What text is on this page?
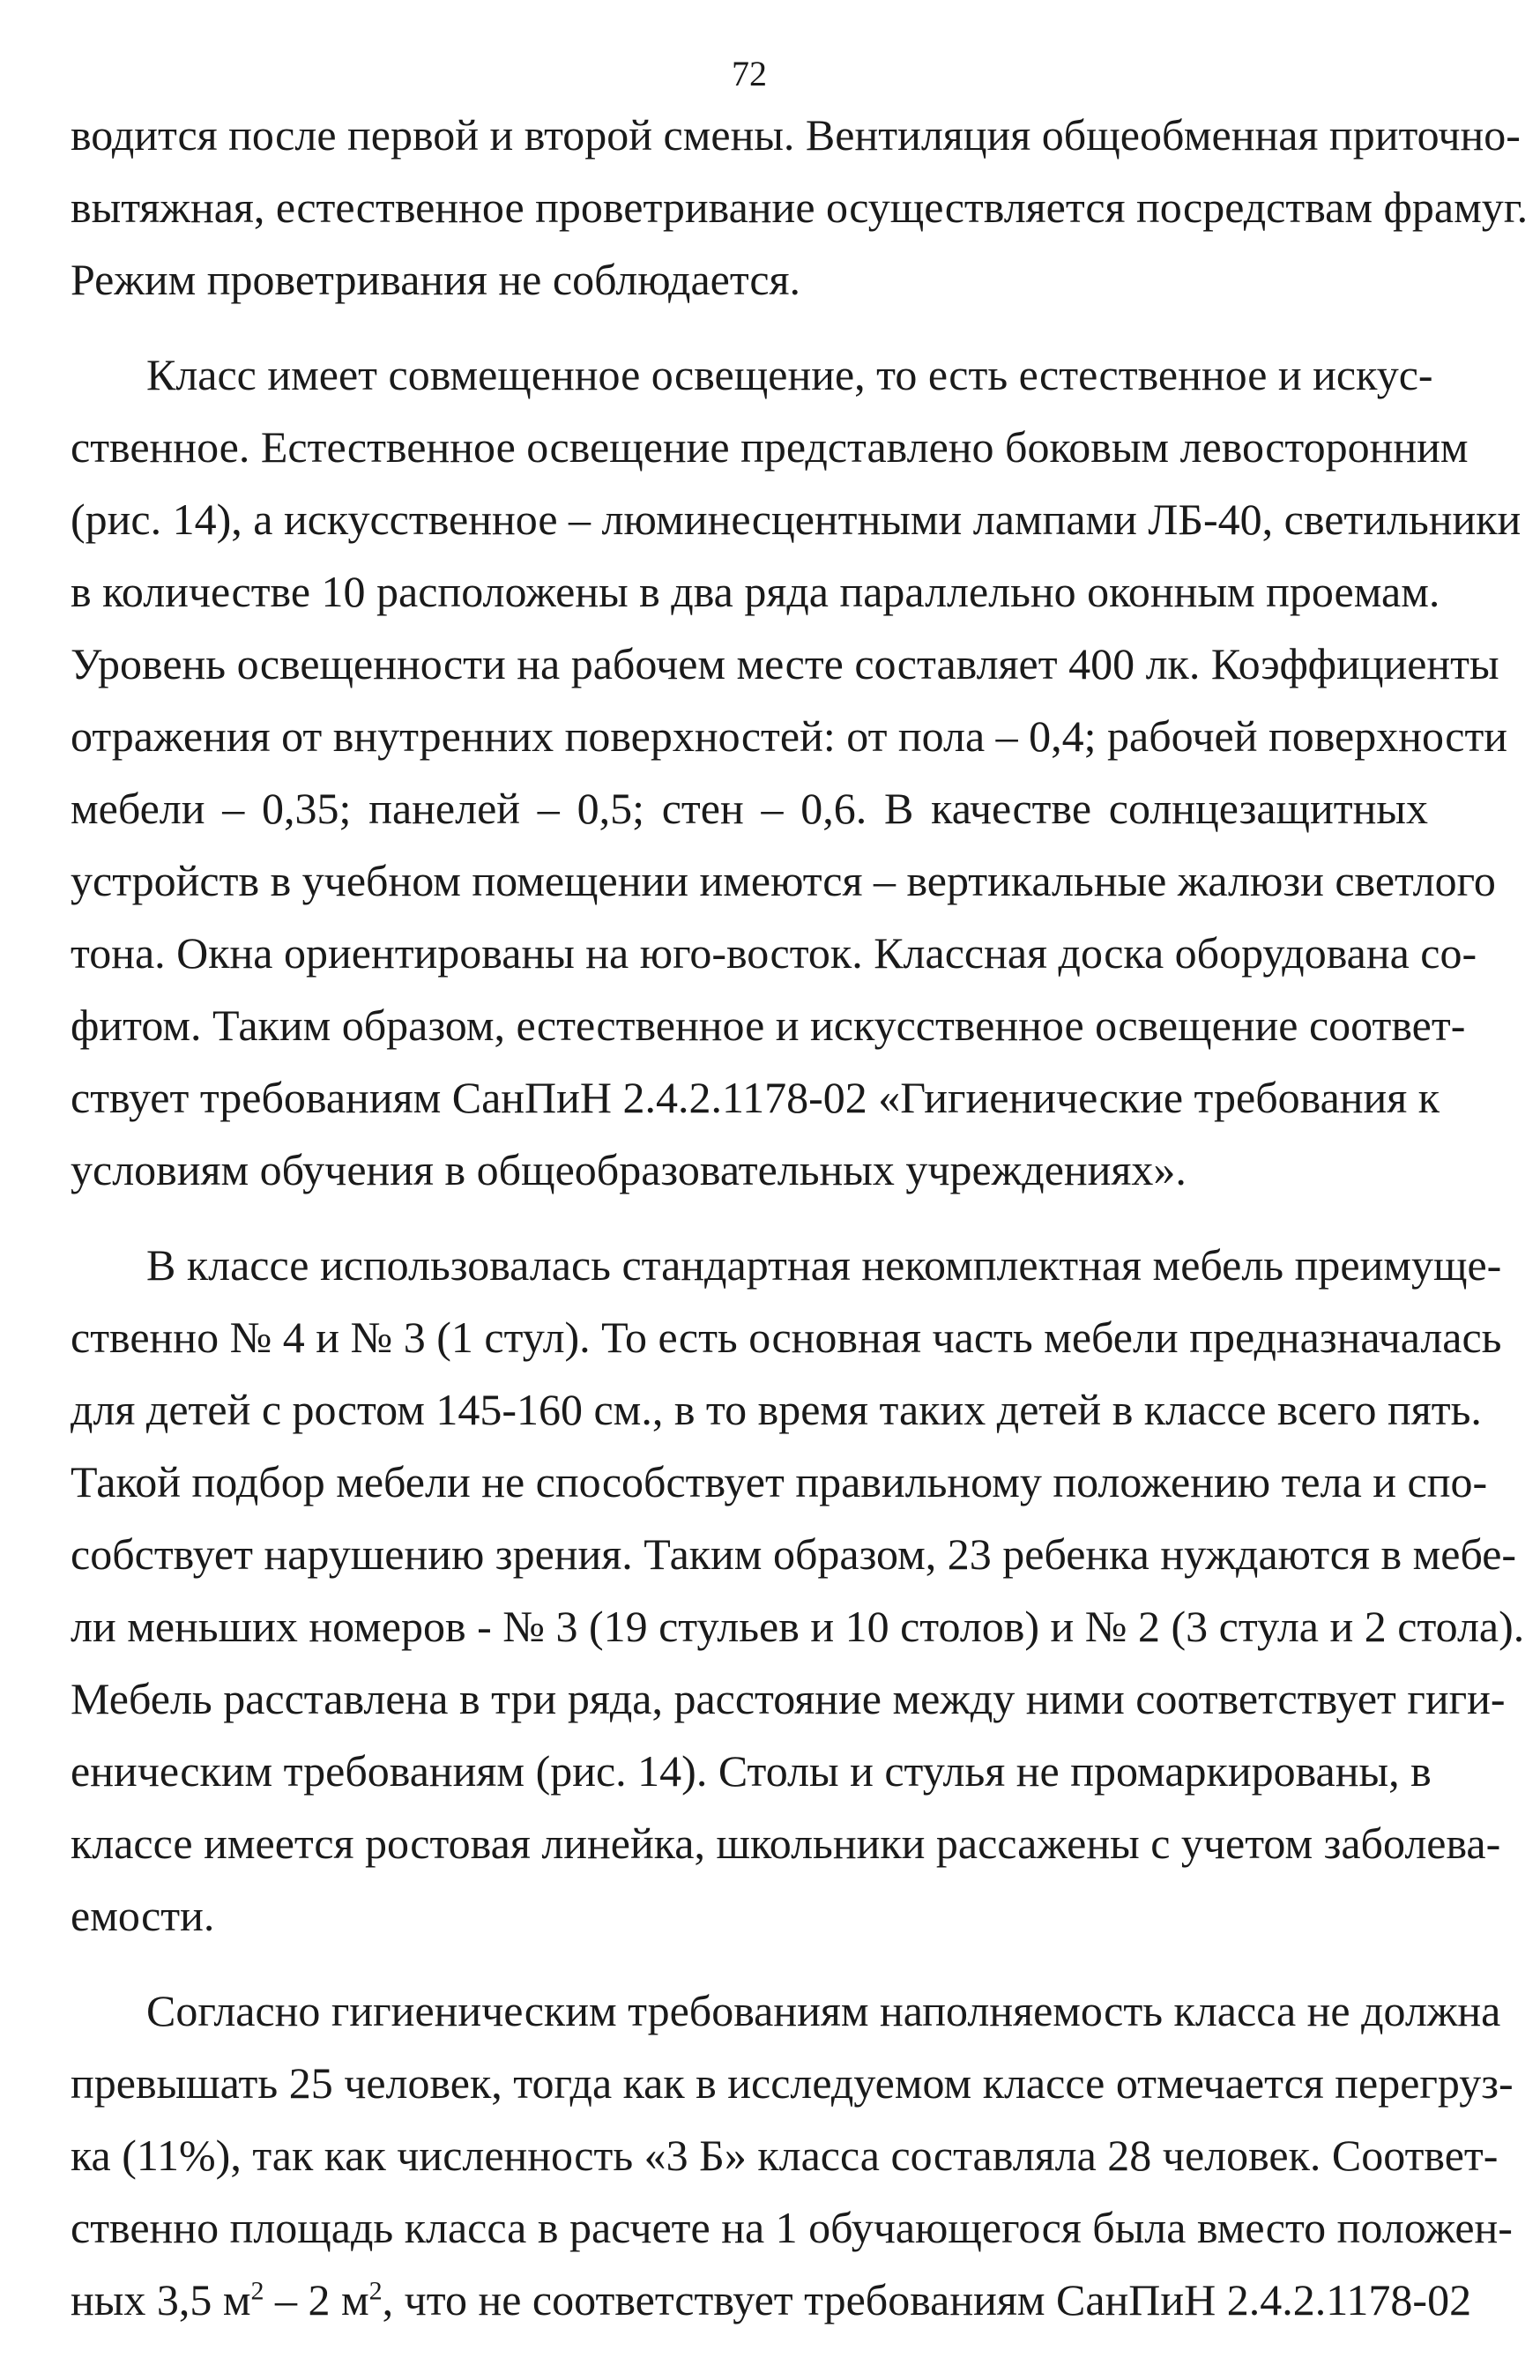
72
водится после первой и второй смены. Вентиляция общеобменная приточно-
вытяжная, естественное проветривание осуществляется посредствам фрамуг.
Режим проветривания не соблюдается.
Класс имеет совмещенное освещение, то есть естественное и искус-
ственное. Естественное освещение представлено боковым левосторонним
(рис. 14), а искусственное – люминесцентными лампами ЛБ-40, светильники
в количестве 10 расположены в два ряда параллельно оконным проемам.
Уровень освещенности на рабочем месте составляет 400 лк. Коэффициенты
отражения от внутренних поверхностей: от пола – 0,4; рабочей поверхности
мебели – 0,35; панелей – 0,5; стен – 0,6. В качестве солнцезащитных
устройств в учебном помещении имеются – вертикальные жалюзи светлого
тона. Окна ориентированы на юго-восток. Классная доска оборудована со-
фитом. Таким образом, естественное и искусственное освещение соответ-
ствует требованиям СанПиН 2.4.2.1178-02 «Гигиенические требования к
условиям обучения в общеобразовательных учреждениях».
В классе использовалась стандартная некомплектная мебель преимуще-
ственно № 4 и № 3 (1 стул). То есть основная часть мебели предназначалась
для детей с ростом 145-160 см., в то время таких детей в классе всего пять.
Такой подбор мебели не способствует правильному положению тела и спо-
собствует нарушению зрения. Таким образом, 23 ребенка нуждаются в мебе-
ли меньших номеров - № 3 (19 стульев и 10 столов) и № 2 (3 стула и 2 стола).
Мебель расставлена в три ряда, расстояние между ними соответствует гиги-
еническим требованиям (рис. 14). Столы и стулья не промаркированы, в
классе имеется ростовая линейка, школьники рассажены с учетом заболева-
емости.
Согласно гигиеническим требованиям наполняемость класса не должна
превышать 25 человек, тогда как в исследуемом классе отмечается перегруз-
ка (11%), так как численность «3 Б» класса составляла 28 человек. Соответ-
ственно площадь класса в расчете на 1 обучающегося была вместо положен-
ных 3,5 $м^2 - 2$ $м^2$, что не соответствует требованиям СанПиН 2.4.2.1178-02
